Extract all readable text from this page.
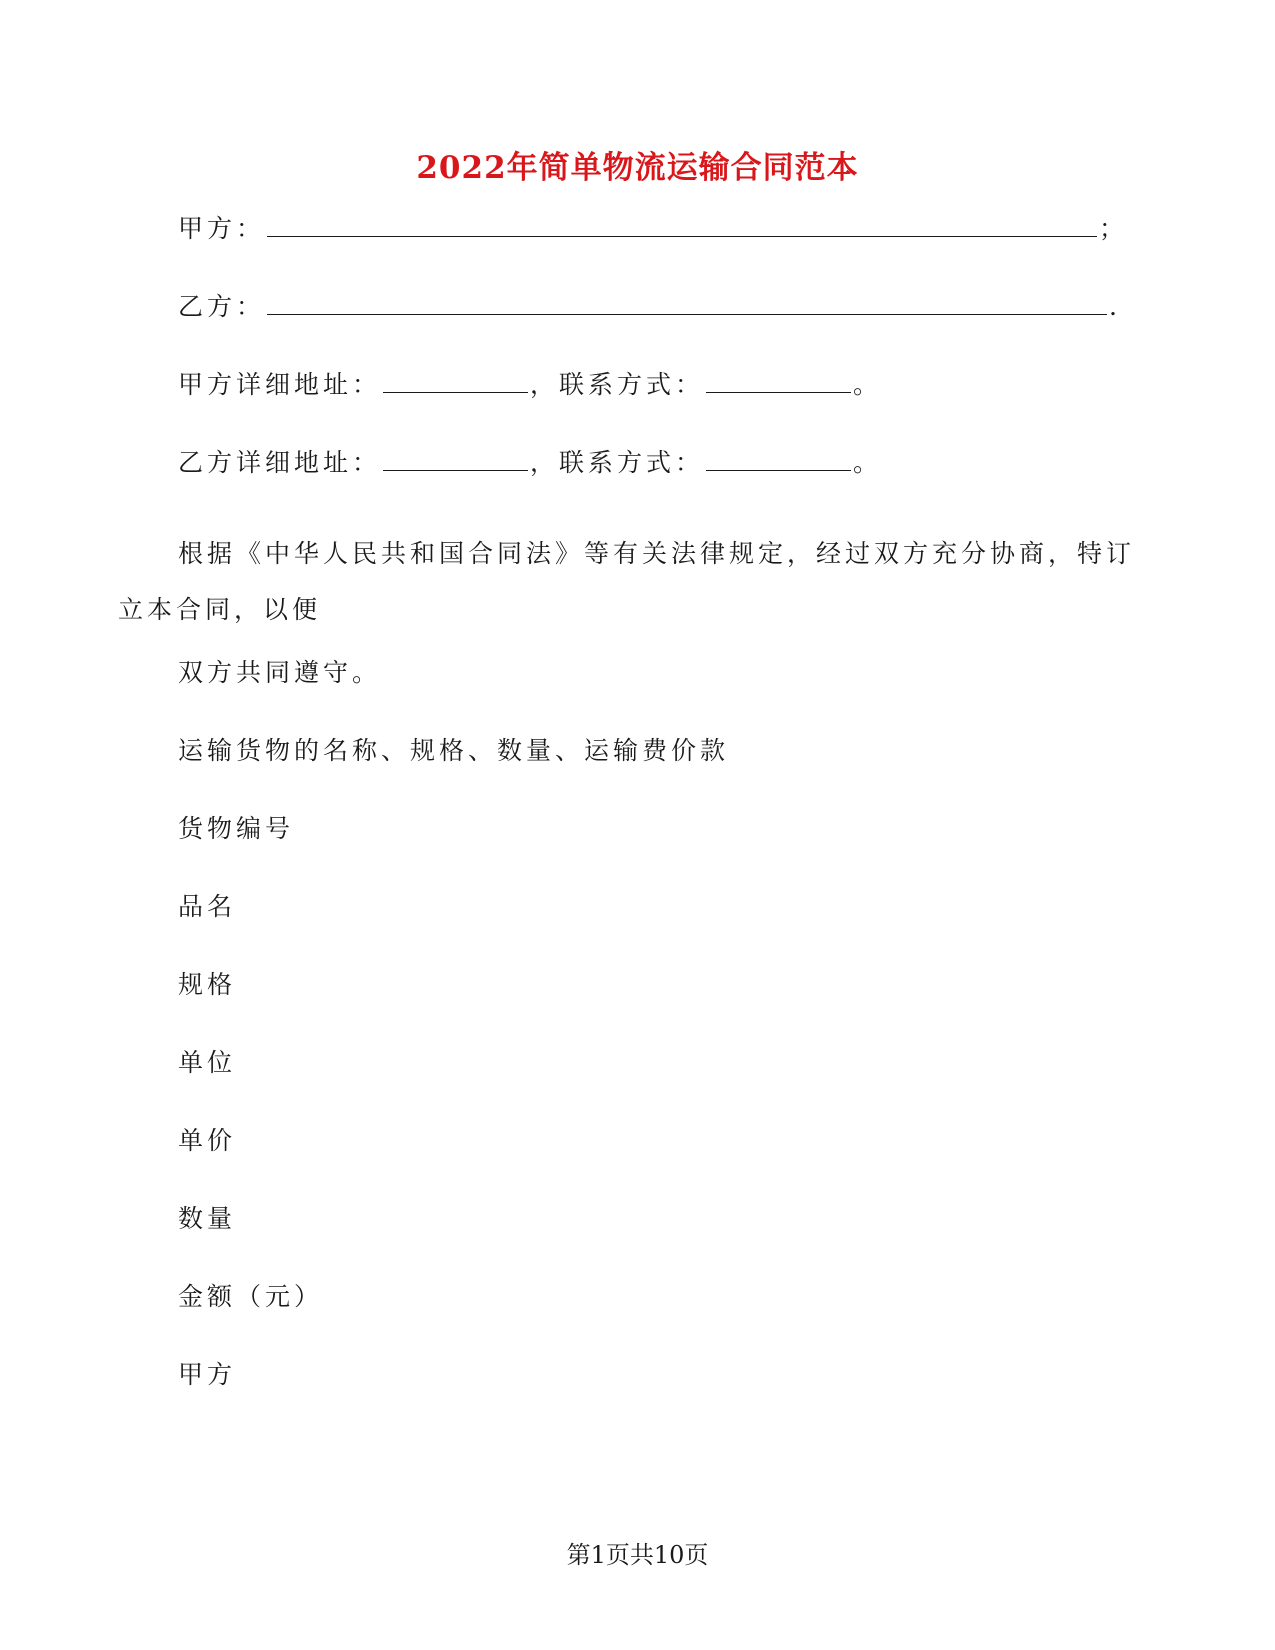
2022年简单物流运输合同范本
甲方：	；
乙方：	.
甲方详细地址：	，联系方式：	。
乙方详细地址：	，联系方式：	。
根据《中华人民共和国合同法》等有关法律规定，经过双方充分协商，特订立本合同，以便
双方共同遵守。
运输货物的名称、规格、数量、运输费价款
货物编号
品名
规格
单位
单价
数量
金额（元）
甲方
第1页共10页
